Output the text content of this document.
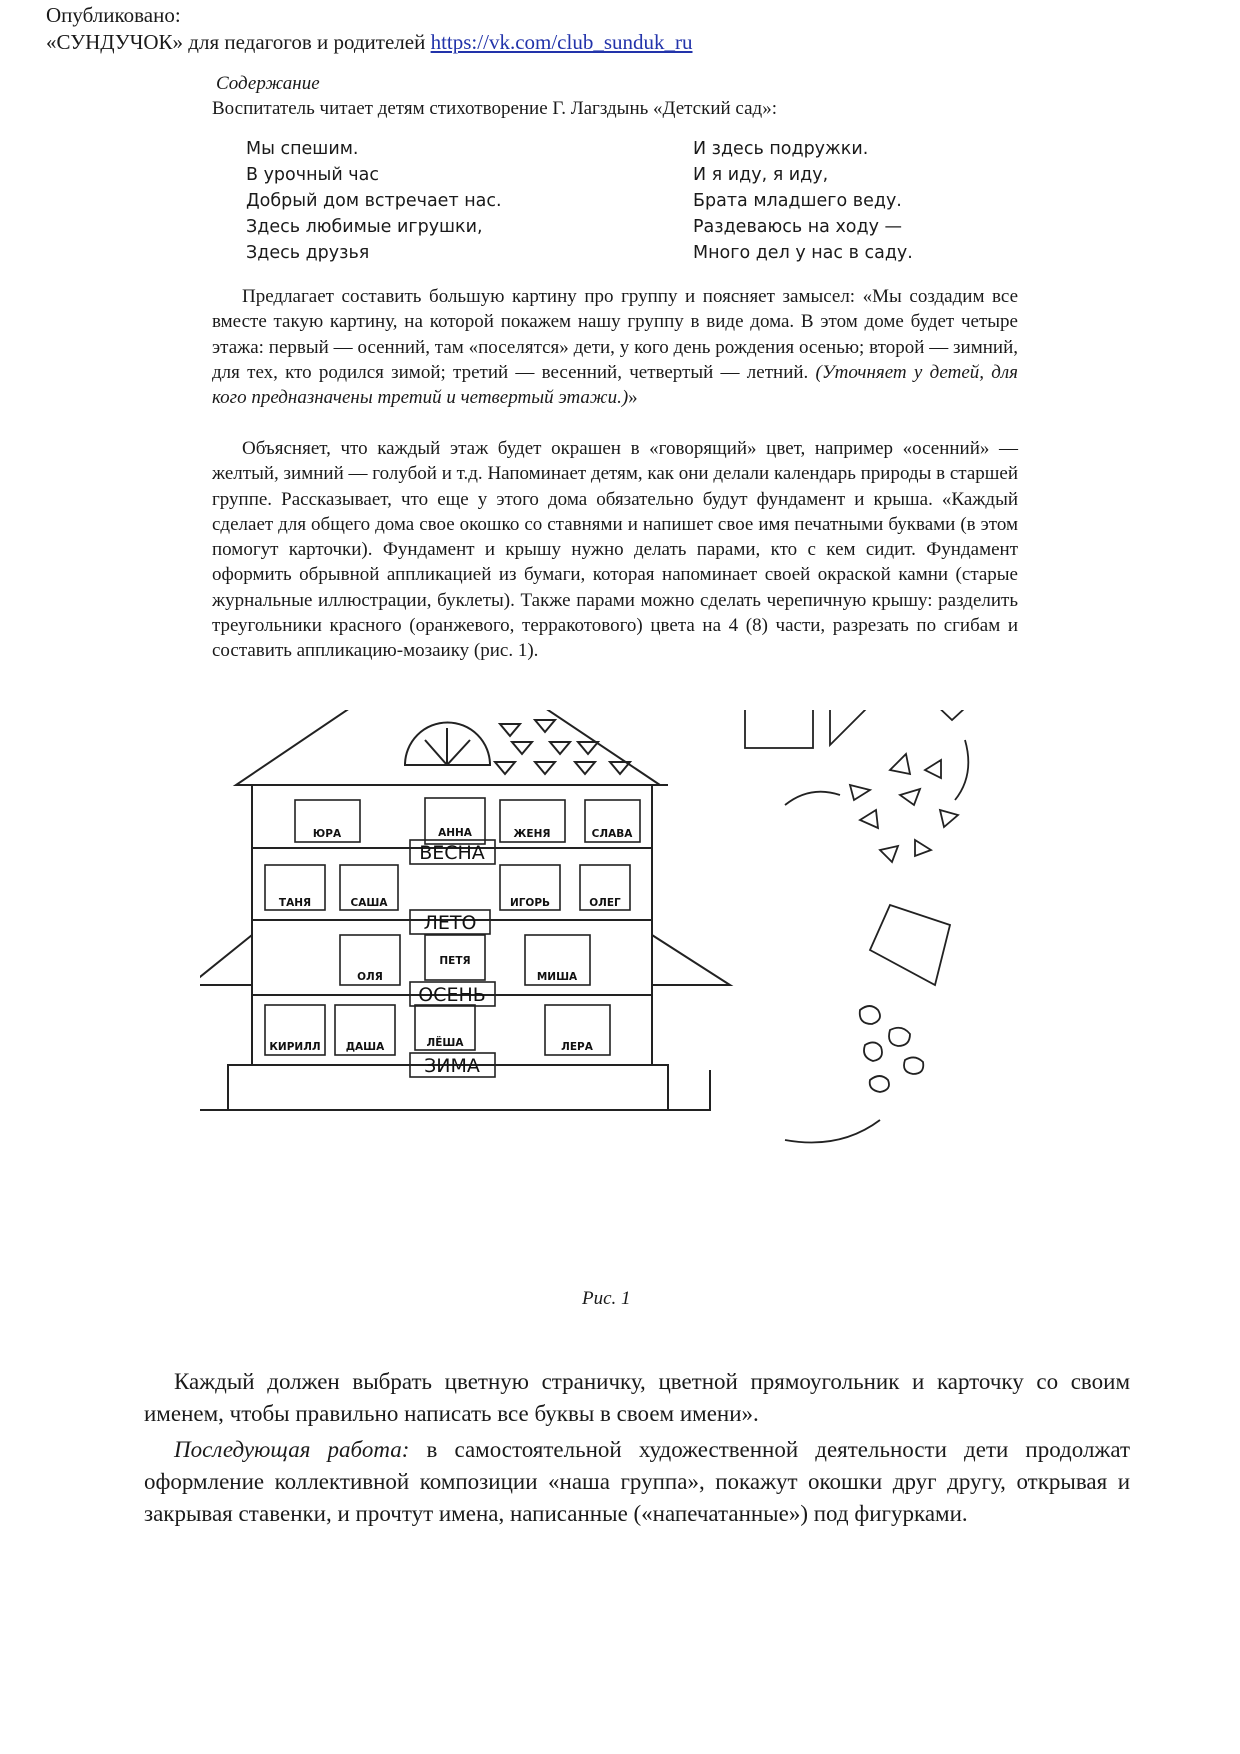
Опубликовано:
«СУНДУЧОК» для педагогов и родителей https://vk.com/club_sunduk_ru
Содержание
Воспитатель читает детям стихотворение Г. Лагздынь «Детский сад»:
Мы спешим.
В урочный час
Добрый дом встречает нас.
Здесь любимые игрушки,
Здесь друзья
И здесь подружки.
И я иду, я иду,
Брата младшего веду.
Раздеваюсь на ходу —
Много дел у нас в саду.

Предлагает составить большую картину про группу и поясняет замысел: «Мы создадим все вместе такую картину, на которой покажем нашу группу в виде дома. В этом доме будет четыре этажа: первый — осенний, там «поселятся» дети, у кого день рождения осенью; второй — зимний, для тех, кто родился зимой; третий — весенний, четвертый — летний. (Уточняет у детей, для кого предназначены третий и четвертый этажи.)»

Объясняет, что каждый этаж будет окрашен в «говорящий» цвет, например «осенний» — желтый, зимний — голубой и т.д. Напоминает детям, как они делали календарь природы в старшей группе. Рассказывает, что еще у этого дома обязательно будут фундамент и крыша. «Каждый сделает для общего дома свое окошко со ставнями и напишет свое имя печатными буквами (в этом помогут карточки). Фундамент и крышу нужно делать парами, кто с кем сидит. Фундамент оформить обрывной аппликацией из бумаги, которая напоминает своей окраской камни (старые журнальные иллюстрации, буклеты). Также парами можно сделать черепичную крышу: разделить треугольники красного (оранжевого, терракотового) цвета на 4 (8) части, разрезать по сгибам и составить аппликацию-мозаику (рис. 1).

ВЕСНА
ЛЕТО
ОСЕНЬ
ЗИМА
ЮРА	АННА	ЖЕНЯ	СЛАВА
ТАНЯ	САША	ИГОРЬ	ОЛЕГ
ОЛЯ
ПЕТЯ
МИША
КИРИЛЛ ДАША	ЛЁША	ЛЕРА
Рис. 1

Каждый должен выбрать цветную страничку, цветной прямоугольник и карточку со своим именем, чтобы правильно написать все буквы в своем имени».

Последующая работа: в самостоятельной художественной деятельности дети продолжат оформление коллективной композиции «наша группа», покажут окошки друг другу, открывая и закрывая ставенки, и прочтут имена, написанные («напечатанные») под фигурками.
